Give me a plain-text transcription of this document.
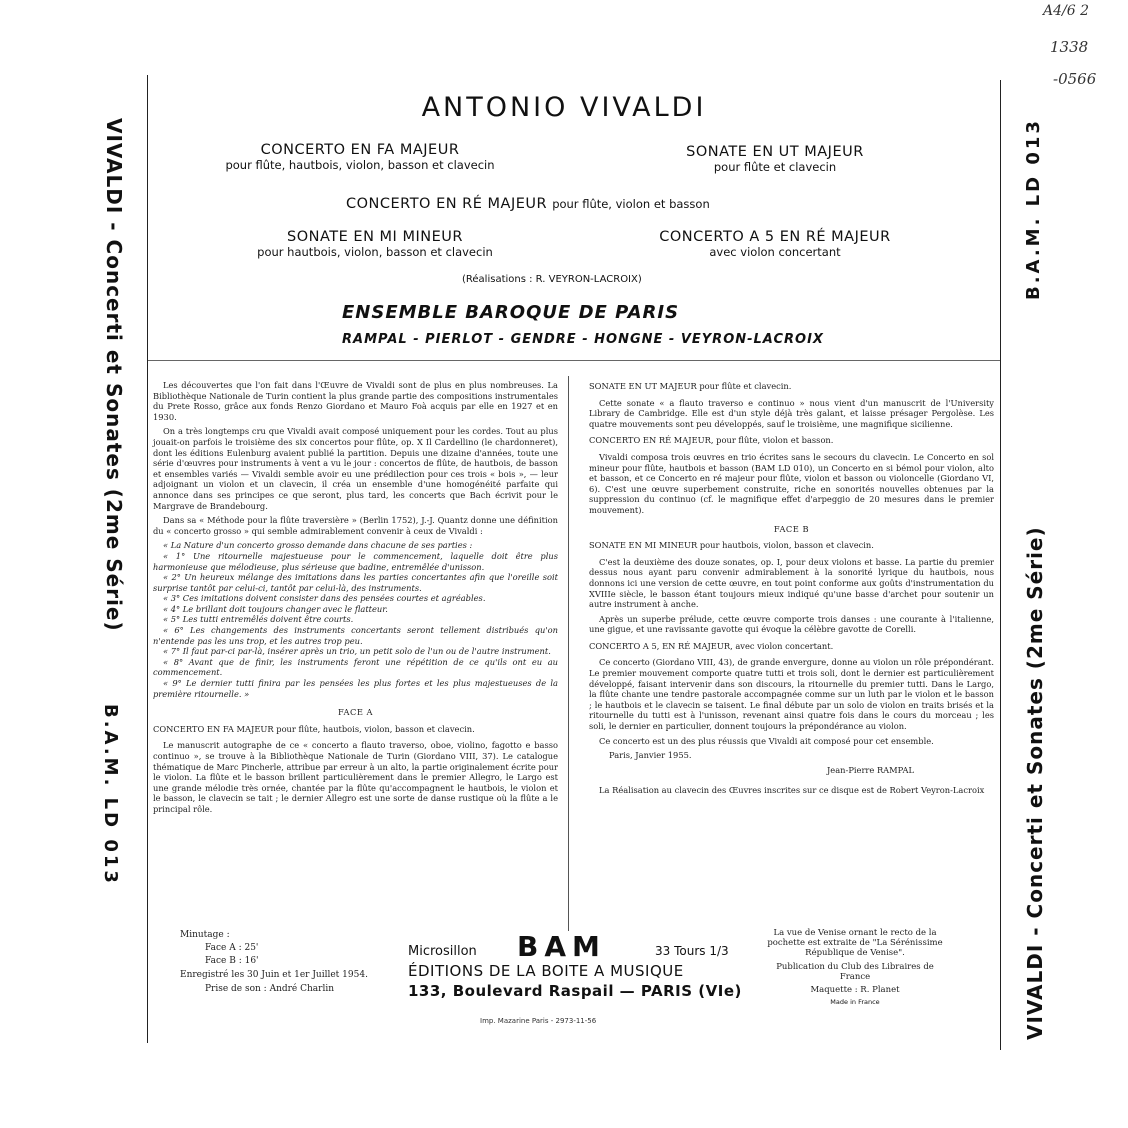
A4/6 2
1338
-0566
VIVALDI - Concerti et Sonates (2me Série)
B.A.M. LD 013
B.A.M. LD 013
VIVALDI - Concerti et Sonates (2me Série)
ANTONIO VIVALDI
CONCERTO EN FA MAJEUR
pour flûte, hautbois, violon, basson et clavecin
SONATE EN UT MAJEUR
pour flûte et clavecin
CONCERTO EN RÉ MAJEUR pour flûte, violon et basson
SONATE EN MI MINEUR
pour hautbois, violon, basson et clavecin
CONCERTO A 5 EN RÉ MAJEUR
avec violon concertant
(Réalisations : R. VEYRON-LACROIX)
ENSEMBLE BAROQUE DE PARIS
RAMPAL - PIERLOT - GENDRE - HONGNE - VEYRON-LACROIX

Les découvertes que l'on fait dans l'Œuvre de Vivaldi sont de plus en plus nombreuses. La Bibliothèque Nationale de Turin contient la plus grande partie des compositions instrumentales du Prete Rosso, grâce aux fonds Renzo Giordano et Mauro Foà acquis par elle en 1927 et en 1930.

On a très longtemps cru que Vivaldi avait composé uniquement pour les cordes. Tout au plus jouait-on parfois le troisième des six concertos pour flûte, op. X Il Cardellino (le chardonneret), dont les éditions Eulenburg avaient publié la partition. Depuis une dizaine d'années, toute une série d'œuvres pour instruments à vent a vu le jour : concertos de flûte, de hautbois, de basson et ensembles variés — Vivaldi semble avoir eu une prédilection pour ces trois « bois », — leur adjoignant un violon et un clavecin, il créa un ensemble d'une homogénéité parfaite qui annonce dans ses principes ce que seront, plus tard, les concerts que Bach écrivit pour le Margrave de Brandebourg.

Dans sa « Méthode pour la flûte traversière » (Berlin 1752), J.-J. Quantz donne une définition du « concerto grosso » qui semble admirablement convenir à ceux de Vivaldi :

« La Nature d'un concerto grosso demande dans chacune de ses parties :

« 1° Une ritournelle majestueuse pour le commencement, laquelle doit être plus harmonieuse que mélodieuse, plus sérieuse que badine, entremêlée d'unisson.

« 2° Un heureux mélange des imitations dans les parties concertantes afin que l'oreille soit surprise tantôt par celui-ci, tantôt par celui-là, des instruments.

« 3° Ces imitations doivent consister dans des pensées courtes et agréables.

« 4° Le brillant doit toujours changer avec le flatteur.

« 5° Les tutti entremêlés doivent être courts.

« 6° Les changements des instruments concertants seront tellement distribués qu'on n'entende pas les uns trop, et les autres trop peu.

« 7° Il faut par-ci par-là, insérer après un trio, un petit solo de l'un ou de l'autre instrument.

« 8° Avant que de finir, les instruments feront une répétition de ce qu'ils ont eu au commencement.

« 9° Le dernier tutti finira par les pensées les plus fortes et les plus majestueuses de la première ritournelle. »

FACE A

CONCERTO EN FA MAJEUR pour flûte, hautbois, violon, basson et clavecin.

Le manuscrit autographe de ce « concerto a flauto traverso, oboe, violino, fagotto e basso continuo », se trouve à la Bibliothèque Nationale de Turin (Giordano VIII, 37). Le catalogue thématique de Marc Pincherle, attribue par erreur à un alto, la partie originalement écrite pour le violon. La flûte et le basson brillent particulièrement dans le premier Allegro, le Largo est une grande mélodie très ornée, chantée par la flûte qu'accompagnent le hautbois, le violon et le basson, le clavecin se tait ; le dernier Allegro est une sorte de danse rustique où la flûte a le principal rôle.

SONATE EN UT MAJEUR pour flûte et clavecin.

Cette sonate « a flauto traverso e continuo » nous vient d'un manuscrit de l'University Library de Cambridge. Elle est d'un style déjà très galant, et laisse présager Pergolèse. Les quatre mouvements sont peu développés, sauf le troisième, une magnifique sicilienne.

CONCERTO EN RÉ MAJEUR, pour flûte, violon et basson.

Vivaldi composa trois œuvres en trio écrites sans le secours du clavecin. Le Concerto en sol mineur pour flûte, hautbois et basson (BAM LD 010), un Concerto en si bémol pour violon, alto et basson, et ce Concerto en ré majeur pour flûte, violon et basson ou violoncelle (Giordano VI, 6). C'est une œuvre superbement construite, riche en sonorités nouvelles obtenues par la suppression du continuo (cf. le magnifique effet d'arpeggio de 20 mesures dans le premier mouvement).

FACE B

SONATE EN MI MINEUR pour hautbois, violon, basson et clavecin.

C'est la deuxième des douze sonates, op. I, pour deux violons et basse. La partie du premier dessus nous ayant paru convenir admirablement à la sonorité lyrique du hautbois, nous donnons ici une version de cette œuvre, en tout point conforme aux goûts d'instrumentation du XVIIIe siècle, le basson étant toujours mieux indiqué qu'une basse d'archet pour soutenir un autre instrument à anche.

Après un superbe prélude, cette œuvre comporte trois danses : une courante à l'italienne, une gigue, et une ravissante gavotte qui évoque la célèbre gavotte de Corelli.

CONCERTO A 5, EN RÉ MAJEUR, avec violon concertant.

Ce concerto (Giordano VIII, 43), de grande envergure, donne au violon un rôle prépondérant. Le premier mouvement comporte quatre tutti et trois soli, dont le dernier est particulièrement développé, faisant intervenir dans son discours, la ritournelle du premier tutti. Dans le Largo, la flûte chante une tendre pastorale accompagnée comme sur un luth par le violon et le basson ; le hautbois et le clavecin se taisent. Le final débute par un solo de violon en traits brisés et la ritournelle du tutti est à l'unisson, revenant ainsi quatre fois dans le cours du morceau ; les soli, le dernier en particulier, donnent toujours la prépondérance au violon.

Ce concerto est un des plus réussis que Vivaldi ait composé pour cet ensemble.

Paris, Janvier 1955.

Jean-Pierre RAMPAL

La Réalisation au clavecin des Œuvres inscrites sur ce disque est de Robert Veyron-Lacroix

Minutage :
Face A : 25'
Face B : 16'
Enregistré les 30 Juin et 1er Juillet 1954.
Prise de son : André Charlin
Microsillon BAM	33 Tours 1/3
ÉDITIONS DE LA BOITE A MUSIQUE
133, Boulevard Raspail — PARIS (VIe)
Imp. Mazarine Paris - 2973-11-56
La vue de Venise ornant le recto de la pochette est extraite de "La Sérénissime République de Venise".
Publication du Club des Libraires de France
Maquette : R. Planet
Made in France
